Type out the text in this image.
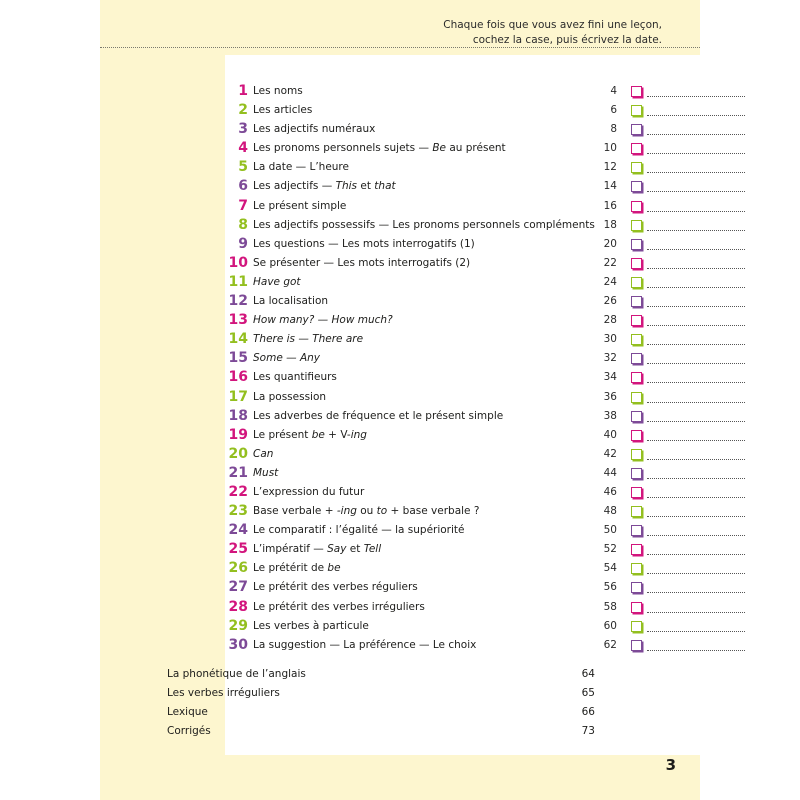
Chaque fois que vous avez fini une leçon,
cochez la case, puis écrivez la date.
1 Les noms	4
2 Les articles	6
3 Les adjectifs numéraux	8
4 Les pronoms personnels sujets — Be au présent	10
5 La date — L’heure	12
6 Les adjectifs — This et that	14
7 Le présent simple	16
8 Les adjectifs possessifs — Les pronoms personnels compléments 18
9 Les questions — Les mots interrogatifs (1)	20
10 Se présenter — Les mots interrogatifs (2)	22
11 Have got	24
12 La localisation	26
13 How many? — How much?	28
14 There is — There are	30
15 Some — Any	32
16 Les quantifieurs	34
17 La possession	36
18 Les adverbes de fréquence et le présent simple	38
19 Le présent be + V-ing	40
20 Can	42
21 Must	44
22 L’expression du futur	46
23 Base verbale + -ing ou to + base verbale ?	48
24 Le comparatif : l’égalité — la supériorité	50
25 L’impératif — Say et Tell	52
26 Le prétérit de be	54
27 Le prétérit des verbes réguliers	56
28 Le prétérit des verbes irréguliers	58
29 Les verbes à particule	60
30 La suggestion — La préférence — Le choix	62
La phonétique de l’anglais	64
Les verbes irréguliers	65
Lexique	66
Corrigés	73
3
